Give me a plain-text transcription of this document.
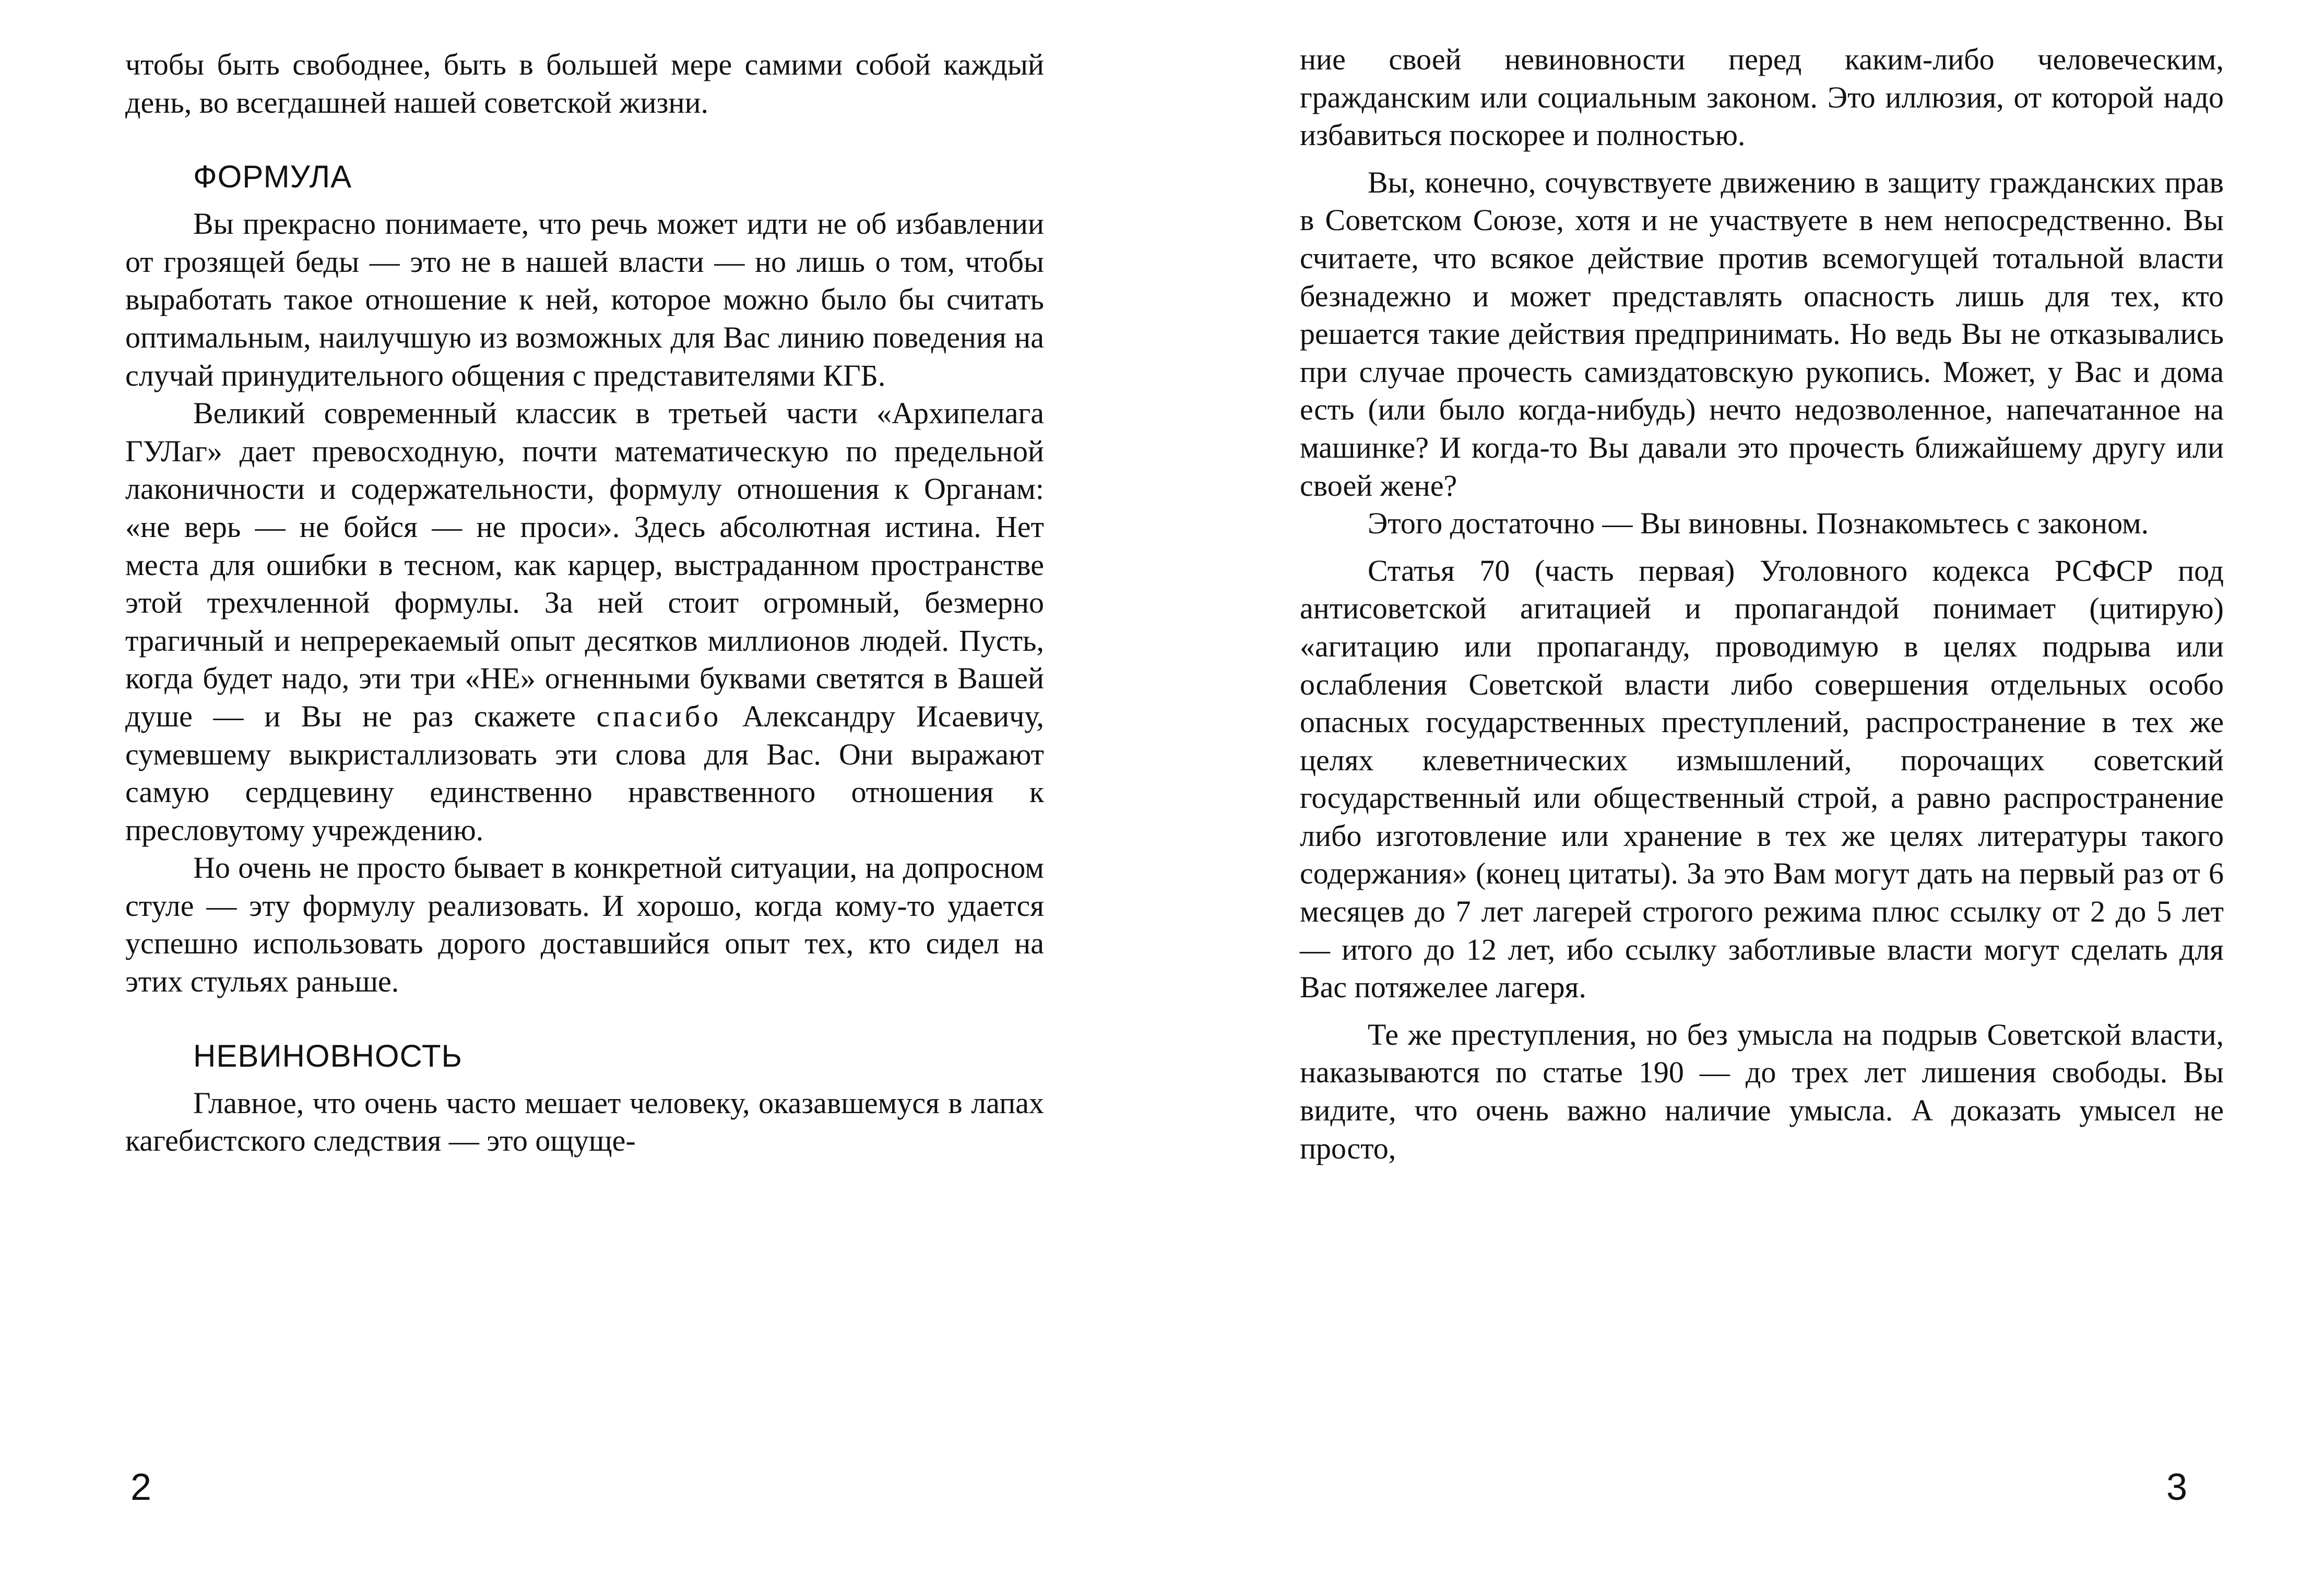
чтобы быть свободнее, быть в большей мере самими собой каждый день, во всегдашней нашей советской жизни.

ФОРМУЛА

Вы прекрасно понимаете, что речь может идти не об избавлении от грозящей беды — это не в нашей власти — но лишь о том, чтобы выработать такое отношение к ней, которое можно было бы считать оптимальным, наилучшую из возможных для Вас линию поведения на случай принудительного общения с представителями КГБ.

Великий современный классик в третьей части «Архипелага ГУЛаг» дает превосходную, почти математическую по предельной лаконичности и содержательности, формулу отношения к Органам: «не верь — не бойся — не проси». Здесь абсолютная истина. Нет места для ошибки в тесном, как карцер, выстраданном пространстве этой трехчленной формулы. За ней стоит огромный, безмерно трагичный и непререкаемый опыт десятков миллионов людей. Пусть, когда будет надо, эти три «НЕ» огненными буквами светятся в Вашей душе — и Вы не раз скажете спасибо Александру Исаевичу, сумевшему выкристаллизовать эти слова для Вас. Они выражают самую сердцевину единственно нравственного отношения к пресловутому учреждению.

Но очень не просто бывает в конкретной ситуации, на допросном стуле — эту формулу реализовать. И хорошо, когда кому-то удается успешно использовать дорого доставшийся опыт тех, кто сидел на этих стульях раньше.

НЕВИНОВНОСТЬ

Главное, что очень часто мешает человеку, оказавшемуся в лапах кагебистского следствия — это ощуще-

2

ние своей невиновности перед каким-либо человеческим, гражданским или социальным законом. Это иллюзия, от которой надо избавиться поскорее и полностью.

Вы, конечно, сочувствуете движению в защиту гражданских прав в Советском Союзе, хотя и не участвуете в нем непосредственно. Вы считаете, что всякое действие против всемогущей тотальной власти безнадежно и может представлять опасность лишь для тех, кто решается такие действия предпринимать. Но ведь Вы не отказывались при случае прочесть самиздатовскую рукопись. Может, у Вас и дома есть (или было когда-нибудь) нечто недозволенное, напечатанное на машинке? И когда-то Вы давали это прочесть ближайшему другу или своей жене?

Этого достаточно — Вы виновны. Познакомьтесь с законом.

Статья 70 (часть первая) Уголовного кодекса РСФСР под антисоветской агитацией и пропагандой понимает (цитирую) «агитацию или пропаганду, проводимую в целях подрыва или ослабления Советской власти либо совершения отдельных особо опасных государственных преступлений, распространение в тех же целях клеветнических измышлений, порочащих советский государственный или общественный строй, а равно распространение либо изготовление или хранение в тех же целях литературы такого содержания» (конец цитаты). За это Вам могут дать на первый раз от 6 месяцев до 7 лет лагерей строгого режима плюс ссылку от 2 до 5 лет — итого до 12 лет, ибо ссылку заботливые власти могут сделать для Вас потяжелее лагеря.

Те же преступления, но без умысла на подрыв Советской власти, наказываются по статье 190 — до трех лет лишения свободы. Вы видите, что очень важно наличие умысла. А доказать умысел не просто,

3
